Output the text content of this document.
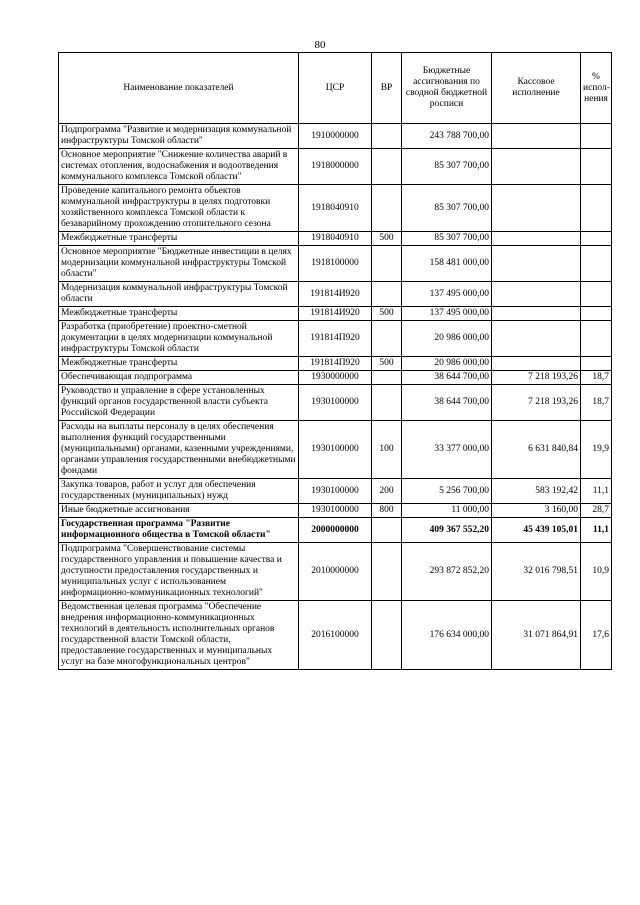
80
Наименование показателей	ЦСР	ВР	Бюджетные ассигнования по сводной бюджетной росписи	Кассовое исполнение	% испол-нения
Подпрограмма "Развитие и модернизация коммунальной инфраструктуры Томской области"	1910000000		243 788 700,00		
Основное мероприятие "Снижение количества аварий в системах отопления, водоснабжения и водоотведения коммунального комплекса Томской области"	1918000000		85 307 700,00		
Проведение капитального ремонта объектов коммунальной инфраструктуры в целях подготовки хозяйственного комплекса Томской области к безаварийному прохождению отопительного сезона	1918040910		85 307 700,00		
Межбюджетные трансферты	1918040910	500	85 307 700,00		
Основное мероприятие "Бюджетные инвестиции в целях модернизации коммунальной инфраструктуры Томской области"	1918100000		158 481 000,00		
Модернизация коммунальной инфраструктуры Томской области	191814И920		137 495 000,00		
Межбюджетные трансферты	191814И920	500	137 495 000,00		
Разработка (приобретение) проектно-сметной документации в целях модернизации коммунальной инфраструктуры Томской области	191814П920		20 986 000,00		
Межбюджетные трансферты	191814П920	500	20 986 000,00		
Обеспечивающая подпрограмма	1930000000		38 644 700,00	7 218 193,26	18,7
Руководство и управление в сфере установленных функций органов государственной власти субъекта Российской Федерации	1930100000		38 644 700,00	7 218 193,26	18,7
Расходы на выплаты персоналу в целях обеспечения выполнения функций государственными (муниципальными) органами, казенными учреждениями, органами управления государственными внебюджетными фондами	1930100000	100	33 377 000,00	6 631 840,84	19,9
Закупка товаров, работ и услуг для обеспечения государственных (муниципальных) нужд	1930100000	200	5 256 700,00	583 192,42	11,1
Иные бюджетные ассигнования	1930100000	800	11 000,00	3 160,00	28,7
Государственная программа "Развитие информационного общества в Томской области"	2000000000		409 367 552,20	45 439 105,01	11,1
Подпрограмма "Совершенствование системы государственного управления и повышение качества и доступности предоставления государственных и муниципальных услуг с использованием информационно-коммуникационных технологий"	2010000000		293 872 852,20	32 016 798,51	10,9
Ведомственная целевая программа "Обеспечение внедрения информационно-коммуникационных технологий в деятельность исполнительных органов государственной власти Томской области, предоставление государственных и муниципальных услуг на базе многофункциональных центров"	2016100000		176 634 000,00	31 071 864,91	17,6
